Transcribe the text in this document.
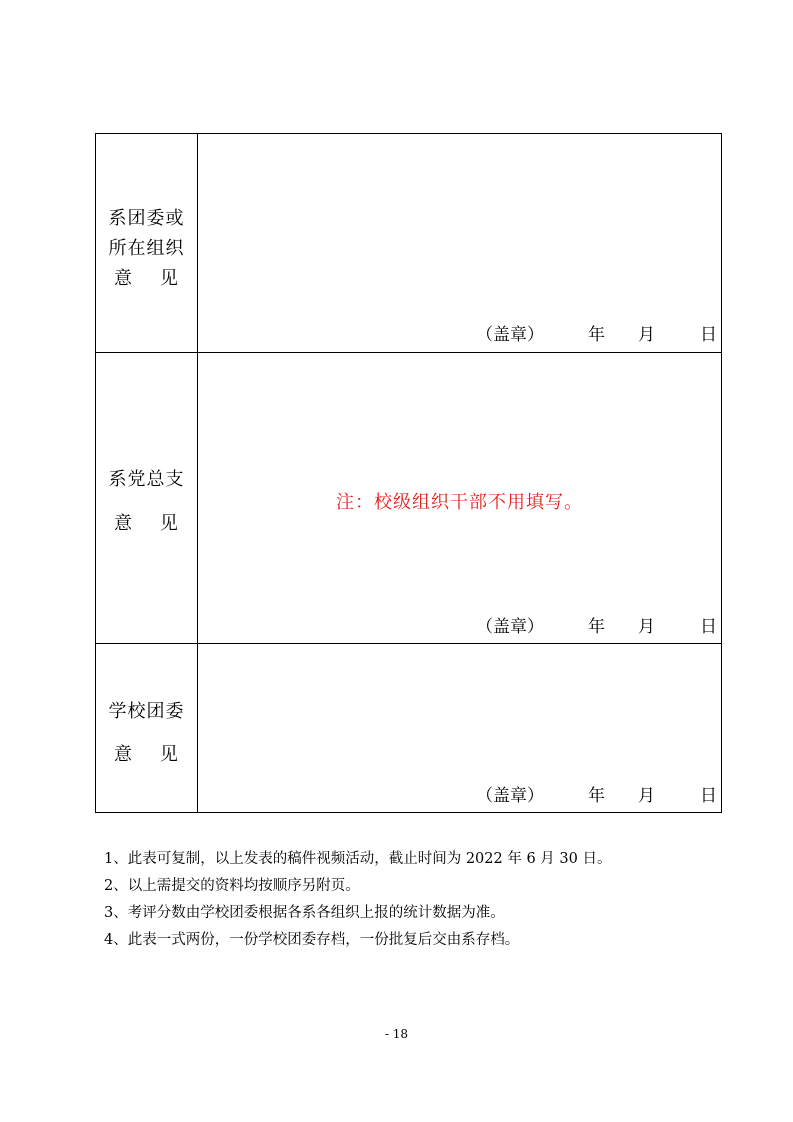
系团委或
所在组织
意    见
（盖章）	年 月	日
系党总支
意    见
注：校级组织干部不用填写。
（盖章）	年 月	日
学校团委
意    见
（盖章）	年 月	日
1、此表可复制，以上发表的稿件视频活动，截止时间为 2022 年 6 月 30 日。
2、以上需提交的资料均按顺序另附页。
3、考评分数由学校团委根据各系各组织上报的统计数据为准。
4、此表一式两份，一份学校团委存档，一份批复后交由系存档。
- 18
